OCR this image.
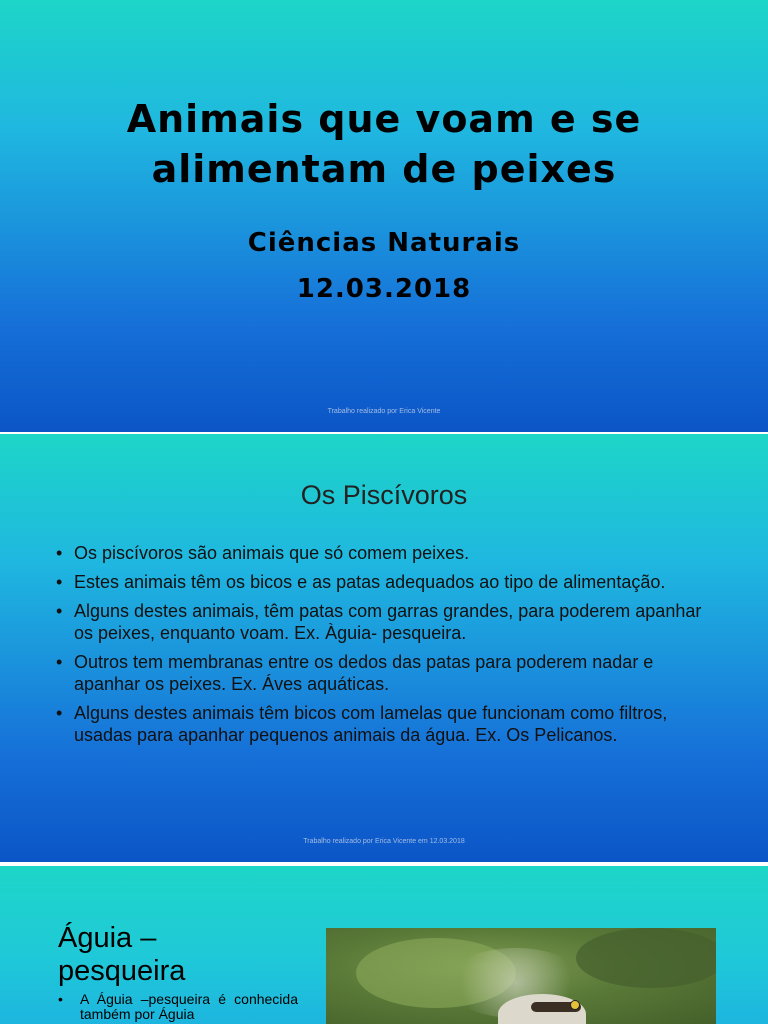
Animais que voam e se
alimentam de peixes
Ciências Naturais
12.03.2018
Trabalho realizado por Erica Vicente
Os Piscívoros
• Os piscívoros são animais que só comem peixes.
• Estes animais têm os bicos e as patas adequados ao tipo de alimentação.
• Alguns destes animais, têm patas com garras grandes, para poderem apanhar os peixes, enquanto voam. Ex. Àguia- pesqueira.
• Outros tem membranas entre os dedos das patas para poderem nadar e apanhar os peixes. Ex. Áves aquáticas.
• Alguns destes animais têm bicos com lamelas que funcionam como filtros, usadas para apanhar pequenos animais da água. Ex. Os Pelicanos.
Trabalho realizado por Erica Vicente em 12.03.2018
Águia – pesqueira
•	A Águia –pesqueira é conhecida também por Águia
